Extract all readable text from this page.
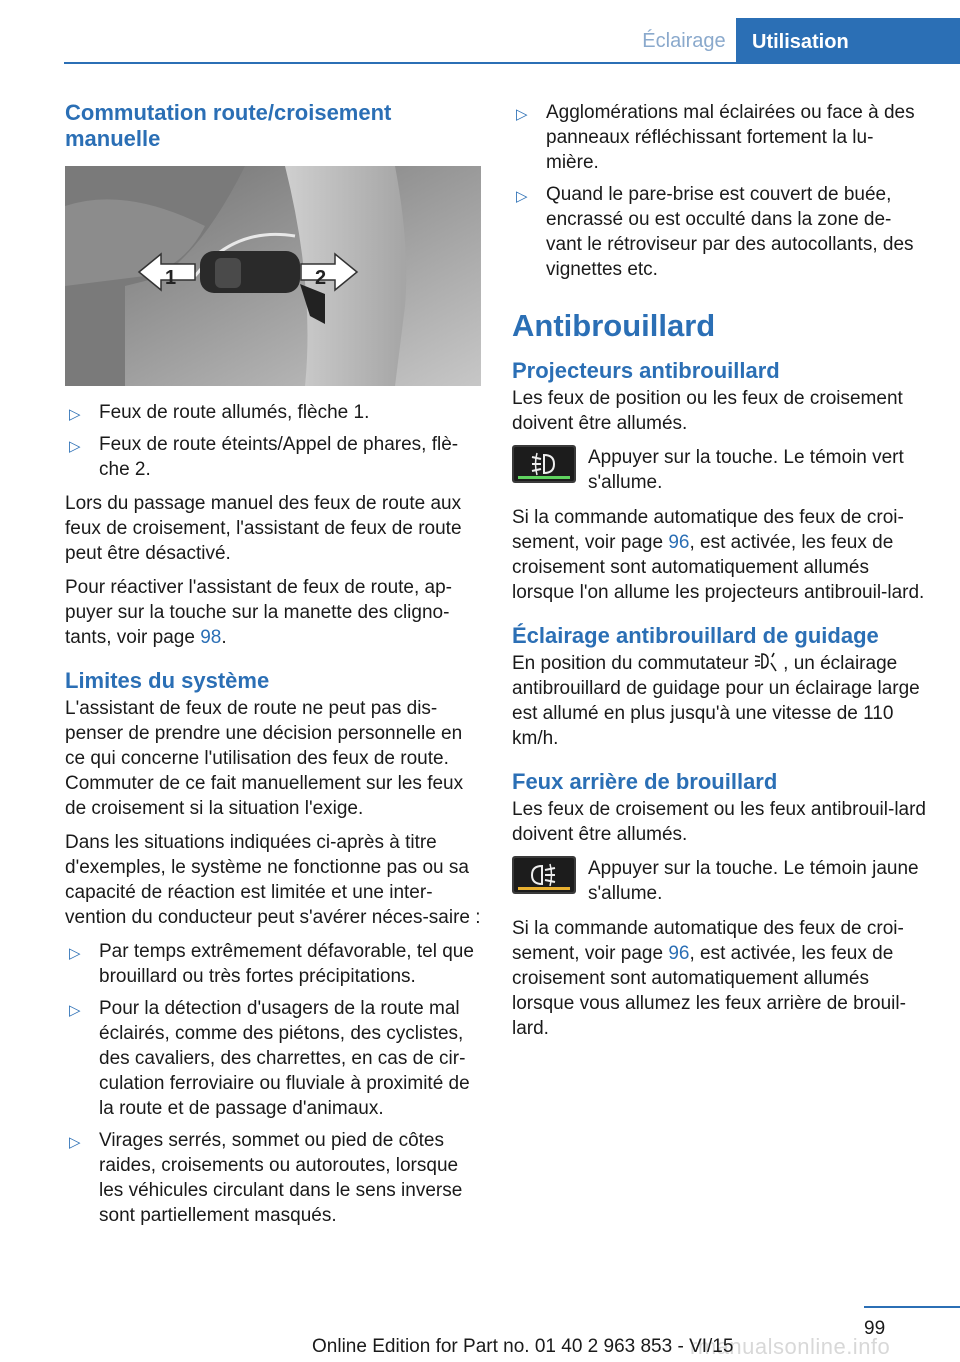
Éclairage	Utilisation
Commutation route/croisement manuelle
1	2
▷ Feux de route allumés, flèche 1.
▷ Feux de route éteints/Appel de phares, flè-che 2.

Lors du passage manuel des feux de route aux feux de croisement, l'assistant de feux de route peut être désactivé.

Pour réactiver l'assistant de feux de route, ap-puyer sur la touche sur la manette des cligno-tants, voir page 98.

Limites du système

L'assistant de feux de route ne peut pas dis-penser de prendre une décision personnelle en ce qui concerne l'utilisation des feux de route. Commuter de ce fait manuellement sur les feux de croisement si la situation l'exige.

Dans les situations indiquées ci-après à titre d'exemples, le système ne fonctionne pas ou sa capacité de réaction est limitée et une inter-vention du conducteur peut s'avérer néces-saire :

▷ Par temps extrêmement défavorable, tel que brouillard ou très fortes précipitations.
▷ Pour la détection d'usagers de la route mal éclairés, comme des piétons, des cyclistes, des cavaliers, des charrettes, en cas de cir-culation ferroviaire ou fluviale à proximité de la route et de passage d'animaux.
▷ Virages serrés, sommet ou pied de côtes raides, croisements ou autoroutes, lorsque les véhicules circulant dans le sens inverse sont partiellement masqués.
▷ Agglomérations mal éclairées ou face à des panneaux réfléchissant fortement la lu-mière.
▷ Quand le pare-brise est couvert de buée, encrassé ou est occulté dans la zone de-vant le rétroviseur par des autocollants, des vignettes etc.
Antibrouillard
Projecteurs antibrouillard

Les feux de position ou les feux de croisement doivent être allumés.

Appuyer sur la touche. Le témoin vert s'allume.

Si la commande automatique des feux de croi-sement, voir page 96, est activée, les feux de croisement sont automatiquement allumés lorsque l'on allume les projecteurs antibrouil-lard.

Éclairage antibrouillard de guidage

En position du commutateur  , un éclairage antibrouillard de guidage pour un éclairage large est allumé en plus jusqu'à une vitesse de 110 km/h.

Feux arrière de brouillard

Les feux de croisement ou les feux antibrouil-lard doivent être allumés.

Appuyer sur la touche. Le témoin jaune s'allume.

Si la commande automatique des feux de croi-sement, voir page 96, est activée, les feux de croisement sont automatiquement allumés lorsque vous allumez les feux arrière de brouil-lard.

99
rmanualsonline.info
Online Edition for Part no. 01 40 2 963 853 - VI/15
